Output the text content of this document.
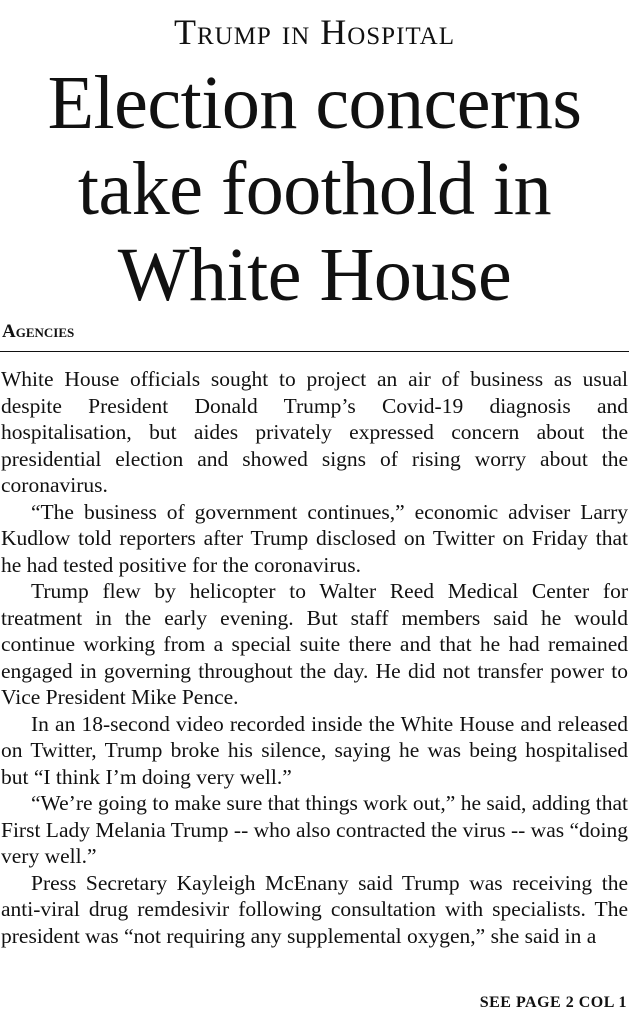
Trump in Hospital
Election concerns take foothold in White House
Agencies

White House officials sought to project an air of business as usual despite President Donald Trump’s Covid-19 diagnosis and hospitalisation, but aides privately expressed concern about the presidential election and showed signs of rising worry about the coronavirus.

“The business of government continues,” economic adviser Larry Kudlow told reporters after Trump disclosed on Twitter on Friday that he had tested positive for the coronavirus.

Trump flew by helicopter to Walter Reed Medical Center for treatment in the early evening. But staff members said he would continue working from a special suite there and that he had remained engaged in governing throughout the day. He did not transfer power to Vice President Mike Pence.

In an 18-second video recorded inside the White House and released on Twitter, Trump broke his silence, saying he was being hospitalised but “I think I’m doing very well.”

“We’re going to make sure that things work out,” he said, adding that First Lady Melania Trump -- who also contracted the virus -- was “doing very well.”

Press Secretary Kayleigh McEnany said Trump was receiving the anti-viral drug remdesivir following consultation with specialists. The president was “not requiring any supplemental oxygen,” she said in a

SEE PAGE 2 COL 1
